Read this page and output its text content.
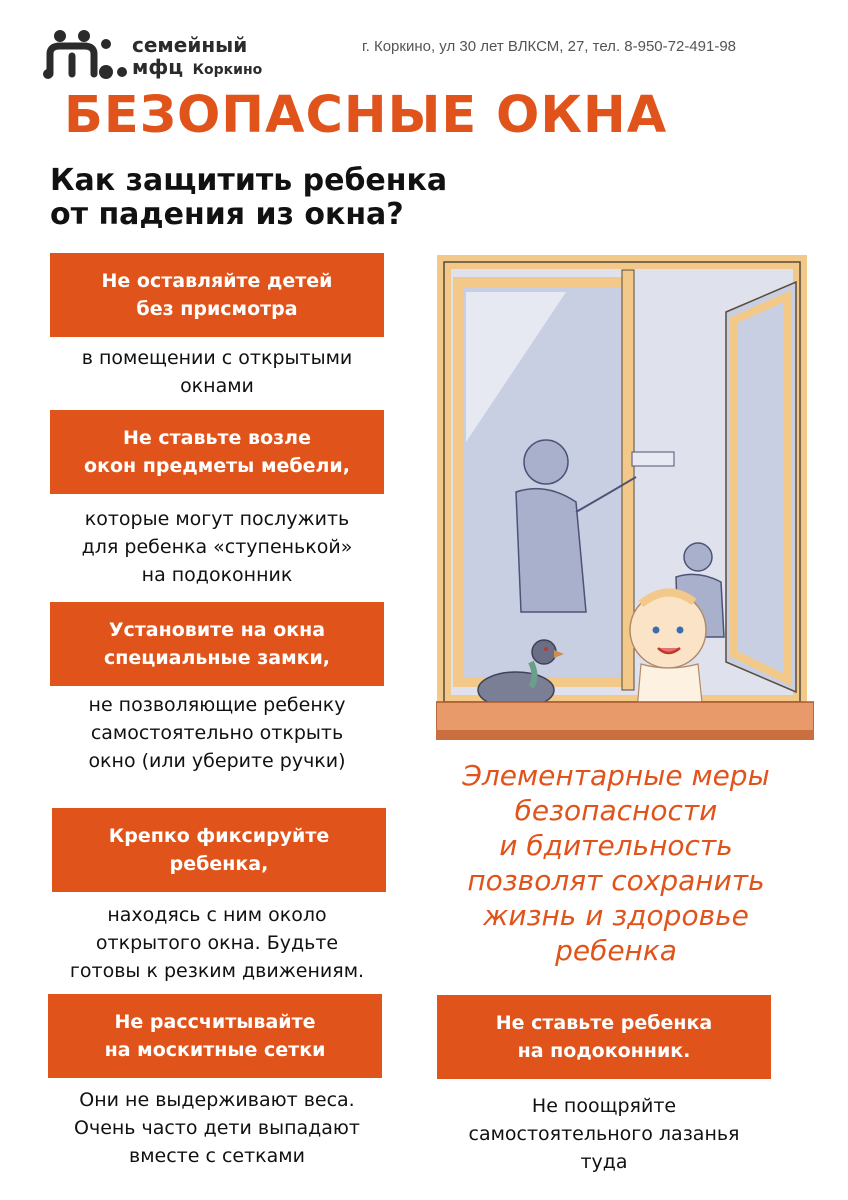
семейный
мфц Коркино
г. Коркино, ул 30 лет ВЛКСМ, 27, тел. 8-950-72-491-98
БЕЗОПАСНЫЕ ОКНА
Как защитить ребенка
от падения из окна?
Не оставляйте детей
без присмотра
в помещении с открытыми
окнами
Не ставьте возле
окон предметы мебели,
которые могут послужить
для ребенка «ступенькой»
на подоконник
Установите на окна
специальные замки,
не позволяющие ребенку
самостоятельно открыть
окно (или уберите ручки)
Крепко фиксируйте
ребенка,
находясь с ним около
открытого окна. Будьте
готовы к резким движениям.
Не рассчитывайте
на москитные сетки
Они не выдерживают веса.
Очень часто дети выпадают
вместе с сетками
Не ставьте ребенка
на подоконник.
Не поощряйте
самостоятельного лазанья
туда
Элементарные меры
безопасности
и бдительность
позволят сохранить
жизнь и здоровье
ребенка
